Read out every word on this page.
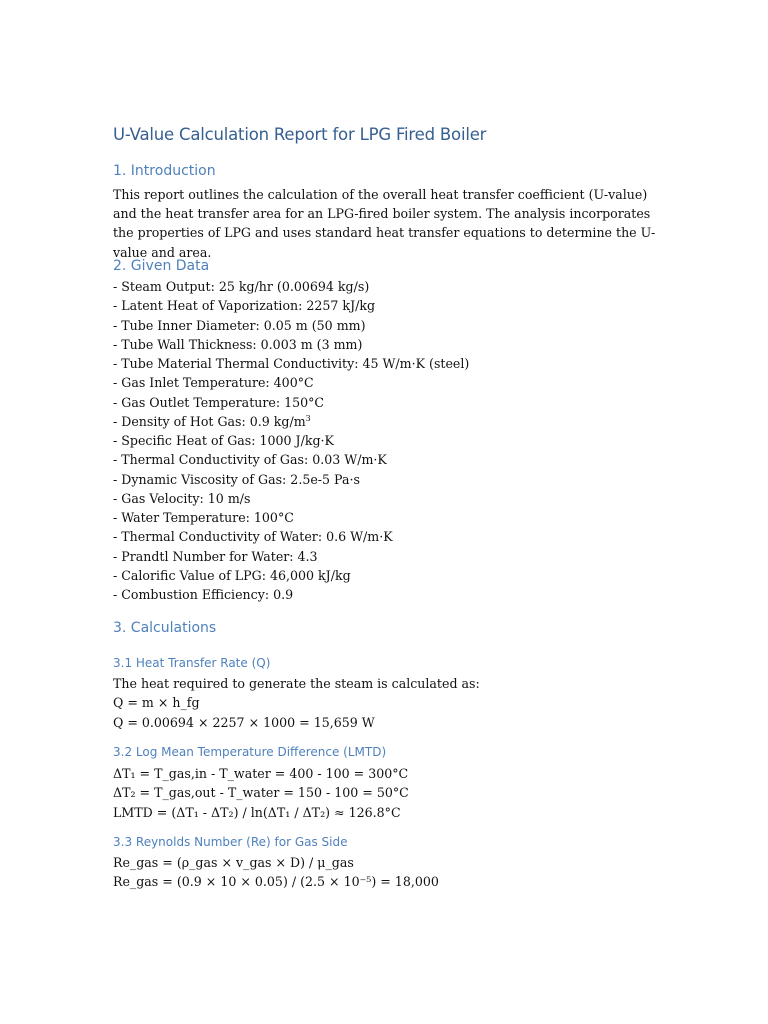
U-Value Calculation Report for LPG Fired Boiler
1. Introduction
This report outlines the calculation of the overall heat transfer coefficient (U-value) and the heat transfer area for an LPG-fired boiler system. The analysis incorporates the properties of LPG and uses standard heat transfer equations to determine the U-value and area.
2. Given Data
- Steam Output: 25 kg/hr (0.00694 kg/s)
- Latent Heat of Vaporization: 2257 kJ/kg
- Tube Inner Diameter: 0.05 m (50 mm)
- Tube Wall Thickness: 0.003 m (3 mm)
- Tube Material Thermal Conductivity: 45 W/m·K (steel)
- Gas Inlet Temperature: 400°C
- Gas Outlet Temperature: 150°C
- Density of Hot Gas: 0.9 $kg/m^3$
- Specific Heat of Gas: 1000 J/kg·K
- Thermal Conductivity of Gas: 0.03 W/m·K
- Dynamic Viscosity of Gas: 2.5e-5 Pa·s
- Gas Velocity: 10 m/s
- Water Temperature: 100°C
- Thermal Conductivity of Water: 0.6 W/m·K
- Prandtl Number for Water: 4.3
- Calorific Value of LPG: 46,000 kJ/kg
- Combustion Efficiency: 0.9
3. Calculations
3.1 Heat Transfer Rate (Q)
The heat required to generate the steam is calculated as:
Q = m × h_fg
Q = 0.00694 × 2257 × 1000 = 15,659 W
3.2 Log Mean Temperature Difference (LMTD)
ΔT₁ = T_gas,in - T_water = 400 - 100 = 300°C
ΔT₂ = T_gas,out - T_water = 150 - 100 = 50°C
LMTD = (ΔT₁ - ΔT₂) / ln(ΔT₁ / ΔT₂) ≈ 126.8°C
3.3 Reynolds Number (Re) for Gas Side
Re_gas = (ρ_gas × v_gas × D) / μ_gas
Re_gas = (0.9 × 10 × 0.05) / (2.5 × 10⁻⁵) = 18,000
